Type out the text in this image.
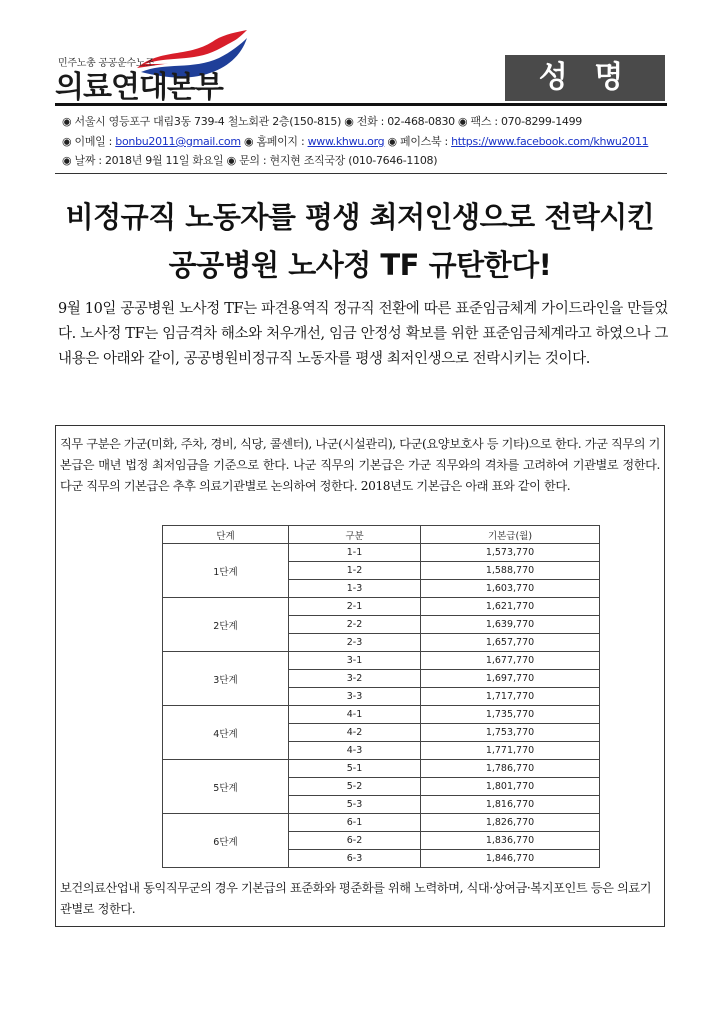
민주노총 공공운수노조
의료연대본부	성 명
◉ 서울시 영등포구 대림3동 739-4 철노회관 2층(150-815) ◉ 전화 : 02-468-0830 ◉ 팩스 : 070-8299-1499
◉ 이메일 : bonbu2011@gmail.com ◉ 홈페이지 : www.khwu.org ◉ 페이스북 : https://www.facebook.com/khwu2011
◉ 날짜 : 2018년 9월 11일 화요일 ◉ 문의 : 현지현 조직국장 (010-7646-1108)
비정규직 노동자를 평생 최저인생으로 전락시킨
공공병원 노사정 TF 규탄한다!
9월 10일 공공병원 노사정 TF는 파견용역직 정규직 전환에 따른 표준임금체계 가이드라인을 만들었다. 노사정 TF는 임금격차 해소와 처우개선, 임금 안정성 확보를 위한 표준임금체계라고 하였으나 그 내용은 아래와 같이, 공공병원비정규직 노동자를 평생 최저인생으로 전락시키는 것이다.
직무 구분은 가군(미화, 주차, 경비, 식당, 콜센터), 나군(시설관리), 다군(요양보호사 등 기타)으로 한다. 가군 직무의 기본급은 매년 법정 최저임금을 기준으로 한다. 나군 직무의 기본급은 가군 직무와의 격차를 고려하여 기관별로 정한다. 다군 직무의 기본급은 추후 의료기관별로 논의하여 정한다. 2018년도 기본급은 아래 표와 같이 한다.
단계	구분	기본급(월)
1단계	1-1	1,573,770
	1-2	1,588,770
	1-3	1,603,770
2단계	2-1	1,621,770
	2-2	1,639,770
	2-3	1,657,770
3단계	3-1	1,677,770
	3-2	1,697,770
	3-3	1,717,770
4단계	4-1	1,735,770
	4-2	1,753,770
	4-3	1,771,770
5단계	5-1	1,786,770
	5-2	1,801,770
	5-3	1,816,770
6단계	6-1	1,826,770
	6-2	1,836,770
	6-3	1,846,770
보건의료산업내 동익직무군의 경우 기본급의 표준화와 평준화를 위해 노력하며, 식대·상여금·복지포인트 등은 의료기관별로 정한다.
